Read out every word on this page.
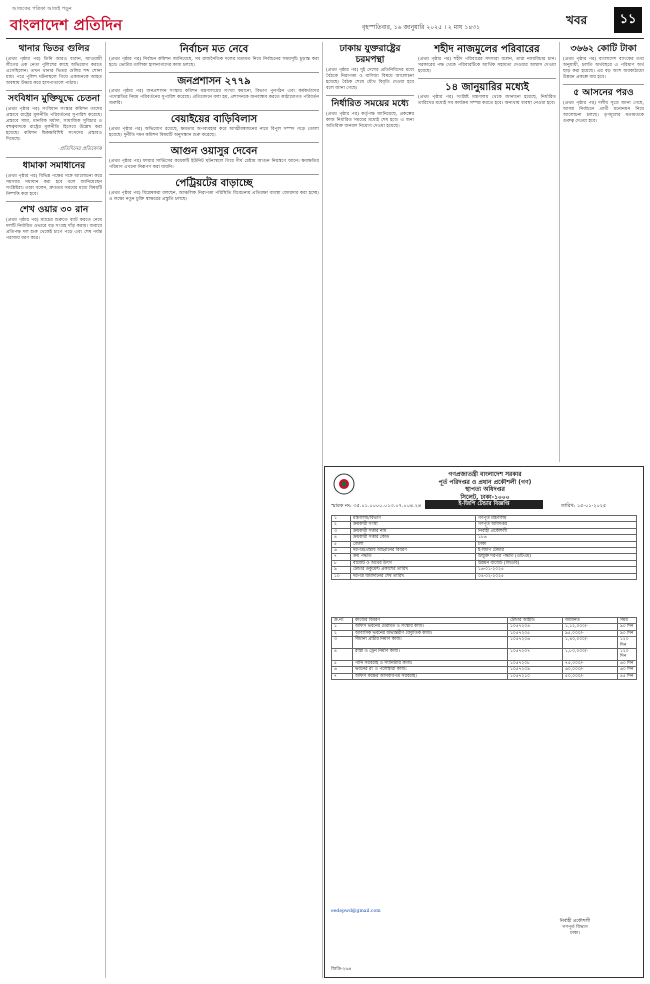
আজকের পত্রিকা আজই পড়ুন
বাংলাদেশ প্রতিদিন	বৃহস্পতিবার, ১৬ জানুয়ারি ২০২৫ । ২ মাঘ ১৪৩১
খবর	১১
থানার ভিতর গুলির
(প্রথম পৃষ্ঠার পর) তিনি আরও বলেন, আওয়ামী লীগের এক নেতা পুলিশের কাছে অভিযোগ করতে এসেছিলেন। তখন থানার ভিতর গুলির শব্দ শোনা যায়। পরে পুলিশ ঘটনাস্থলে গিয়ে একজনকে আহত অবস্থায় উদ্ধার করে হাসপাতালে পাঠায়।
সংবিধান মুক্তিযুদ্ধে চেতনা
(প্রথম পৃষ্ঠার পর) সংবিধান সংস্কার কমিশন তাদের প্রস্তাবে রাষ্ট্রের মূলনীতি পরিবর্তনের সুপারিশ করেছে। প্রস্তাবে সাম্য, মানবিক মর্যাদা, সামাজিক সুবিচার ও বহুত্ববাদকে রাষ্ট্রের মূলনীতি হিসেবে উল্লেখ করা হয়েছে। কমিশন দ্বিকক্ষবিশিষ্ট সংসদের প্রস্তাবও দিয়েছে।
-প্রতিদিনের প্রতিবেদক
ধামাকা সমাধানের
(প্রথম পৃষ্ঠার পর) বিভিন্ন পক্ষের সঙ্গে আলোচনা করে সমস্যার সমাধান করা হবে বলে জানিয়েছেন সংশ্লিষ্টরা। তারা বলেন, দ্রুততম সময়ের মধ্যে বিষয়টি নিষ্পত্তি করা হবে।
শেখ ওয়ার ৩০ রান
(প্রথম পৃষ্ঠার পর) ম্যাচের শুরুতে ব্যাট করতে নেমে দলটি নির্ধারিত ওভারে বড় সংগ্রহ দাঁড় করায়। জবাবে প্রতিপক্ষ দল শুরু থেকেই চাপে পড়ে এবং শেষ পর্যন্ত পরাজয় বরণ করে।
নির্বাচন মত নেবে
(প্রথম পৃষ্ঠার পর) নির্বাচন কমিশন জানিয়েছে, সব রাজনৈতিক দলের মতামত নিয়ে নির্বাচনের সময়সূচি চূড়ান্ত করা হবে। ভোটার তালিকা হালনাগাদের কাজ চলছে।
জনপ্রশাসন ২৭৭৯
(প্রথম পৃষ্ঠার পর) জনপ্রশাসন সংস্কার কমিশন মন্ত্রণালয়ের সংখ্যা কমানো, বিভাগ পুনর্গঠন এবং কর্মকর্তাদের পদোন্নতির নিয়ম পরিবর্তনের সুপারিশ করেছে। প্রতিবেদনে বলা হয়, প্রশাসনকে জনবান্ধব করতে কাঠামোগত পরিবর্তন জরুরি।
বেয়াইয়ের বাড়িবিলাস
(প্রথম পৃষ্ঠার পর) অভিযোগ রয়েছে, ক্ষমতার অপব্যবহার করে আত্মীয়স্বজনের নামে বিপুল সম্পদ গড়ে তোলা হয়েছে। দুর্নীতি দমন কমিশন বিষয়টি অনুসন্ধান শুরু করেছে।
আগুন ওয়াসুর দেবেন
(প্রথম পৃষ্ঠার পর) ফায়ার সার্ভিসের কয়েকটি ইউনিট ঘটনাস্থলে গিয়ে দীর্ঘ চেষ্টায় আগুন নিয়ন্ত্রণে আনে। ক্ষয়ক্ষতির পরিমাণ এখনো নিরূপণ করা যায়নি।
পেট্রিয়টের বাড়াচ্ছে
(প্রথম পৃষ্ঠার পর) বিশ্লেষকরা বলছেন, আঞ্চলিক নিরাপত্তা পরিস্থিতি বিবেচনায় প্রতিরক্ষা ব্যবস্থা জোরদার করা হচ্ছে। এ লক্ষ্যে নতুন চুক্তি স্বাক্ষরের প্রস্তুতি চলছে।
ঢাকায় যুক্তরাষ্ট্রের চরমপন্থা
(প্রথম পৃষ্ঠার পর) দুই দেশের প্রতিনিধিদের মধ্যে বৈঠকে নিরাপত্তা ও বাণিজ্য বিষয়ে আলোচনা হয়েছে। বৈঠক শেষে যৌথ বিবৃতি দেওয়া হবে বলে জানা গেছে।
নির্ধারিত সময়ের মধ্যে
(প্রথম পৃষ্ঠার পর) কর্তৃপক্ষ জানিয়েছে, প্রকল্পের কাজ নির্ধারিত সময়ের মধ্যেই শেষ হবে। এ জন্য অতিরিক্ত জনবল নিয়োগ দেওয়া হয়েছে।
শহীদ নাজমুলের পরিবারের
(প্রথম পৃষ্ঠার পর) শহীদ পরিবারের সদস্যরা বলেন, তারা ন্যায়বিচার চান। সরকারের পক্ষ থেকে পরিবারটিকে আর্থিক সহায়তা দেওয়ার আশ্বাস দেওয়া হয়েছে।
১৪ জানুয়ারির মধ্যেই
(প্রথম পৃষ্ঠার পর) সংশ্লিষ্ট মন্ত্রণালয় থেকে জানানো হয়েছে, নির্ধারিত তারিখের মধ্যেই সব কার্যক্রম সম্পন্ন করতে হবে। অন্যথায় ব্যবস্থা নেওয়া হবে।
৩৬৬২ কোটি টাকা
(প্রথম পৃষ্ঠার পর) বাংলাদেশ ব্যাংকের তথ্য অনুযায়ী, চলতি অর্থবছরে এ পরিমাণ অর্থ ছাড় করা হয়েছে। এর বড় অংশ অবকাঠামো উন্নয়ন প্রকল্পে ব্যয় হবে।
৫ আসনের পরও
(প্রথম পৃষ্ঠার পর) দলীয় সূত্রে জানা গেছে, আসন্ন নির্বাচনে প্রার্থী মনোনয়ন নিয়ে আলোচনা চলছে। তৃণমূলের মতামতকে গুরুত্ব দেওয়া হবে।
গণপ্রজাতন্ত্রী বাংলাদেশ সরকার
পূর্ত পরিদপ্তর ও প্রধান প্রকৌশলী (গণ)
স্থাপত্য অধিদপ্তর
সিলেট, ঢাকা-১০০০
স্মারক নং: ৩৫.০১.০০০০.০১৩.০৭.০০৪.২৪	ই-জিপি টেন্ডার বিজ্ঞপ্তি	তারিখ: ১৫-০১-২০২৫
১	মন্ত্রণালয়/বিভাগ	গণপূর্ত মন্ত্রণালয়
২	ক্রয়কারী সংস্থা	গণপূর্ত অধিদপ্তর
৩	ক্রয়কারী সত্তার নাম	নির্বাহী প্রকৌশলী
৪	ক্রয়কারী সত্তার কোড	১৮৬
৫	জেলা	ঢাকা
৬	দরপত্র/প্রস্তাব আহ্বানের বিবরণ	ই-জিপি টেন্ডার
৭	ক্রয় পদ্ধতি	উন্মুক্ত দরপত্র পদ্ধতি (ওটিএম)
৮	বাজেট ও অর্থের উৎস	উন্নয়ন বাজেট (জিওবি)
৯	টেন্ডার ডকুমেন্ট প্রকাশের তারিখ	১৬-০১-২০২৫
১০	দরপত্র জমাদানের শেষ তারিখ	০৪-০২-২০২৫
ক্র.নং	কাজের বিবরণ	টেন্ডার আইডি	জামানত	সময়
১	অফিস ভবনের মেরামত ও সংস্কার কাজ।	১০৫৭২০৪	১,১২,০০০/-	৯০ দিন
২	আবাসিক ভবনের অভ্যন্তরীণ বৈদ্যুতিক কাজ।	১০৫৭২০৫	৯৫,০০০/-	৯০ দিন
৩	সীমানা প্রাচীর নির্মাণ কাজ।	১০৫৭২০৬	১,৪০,০০০/-	১২০ দিন
৪	রাস্তা ও ড্রেন নির্মাণ কাজ।	১০৫৭২০৭	১,৮০,০০০/-	১২০ দিন
৫	পানি সরবরাহ ও স্যানিটারি কাজ।	১০৫৭২০৮	৭৫,০০০/-	৬০ দিন
৬	ভবনের রং ও পলেস্তারা কাজ।	১০৫৭২০৯	৬০,০০০/-	৬০ দিন
৭	অফিস কক্ষের আসবাবপত্র সরবরাহ।	১০৫৭২১০	৫০,০০০/-	৪৫ দিন
eedepwd@gmail.com
নির্বাহী প্রকৌশলী
গণপূর্ত বিভাগ
ঢাকা।
জিডি-২৬৪
